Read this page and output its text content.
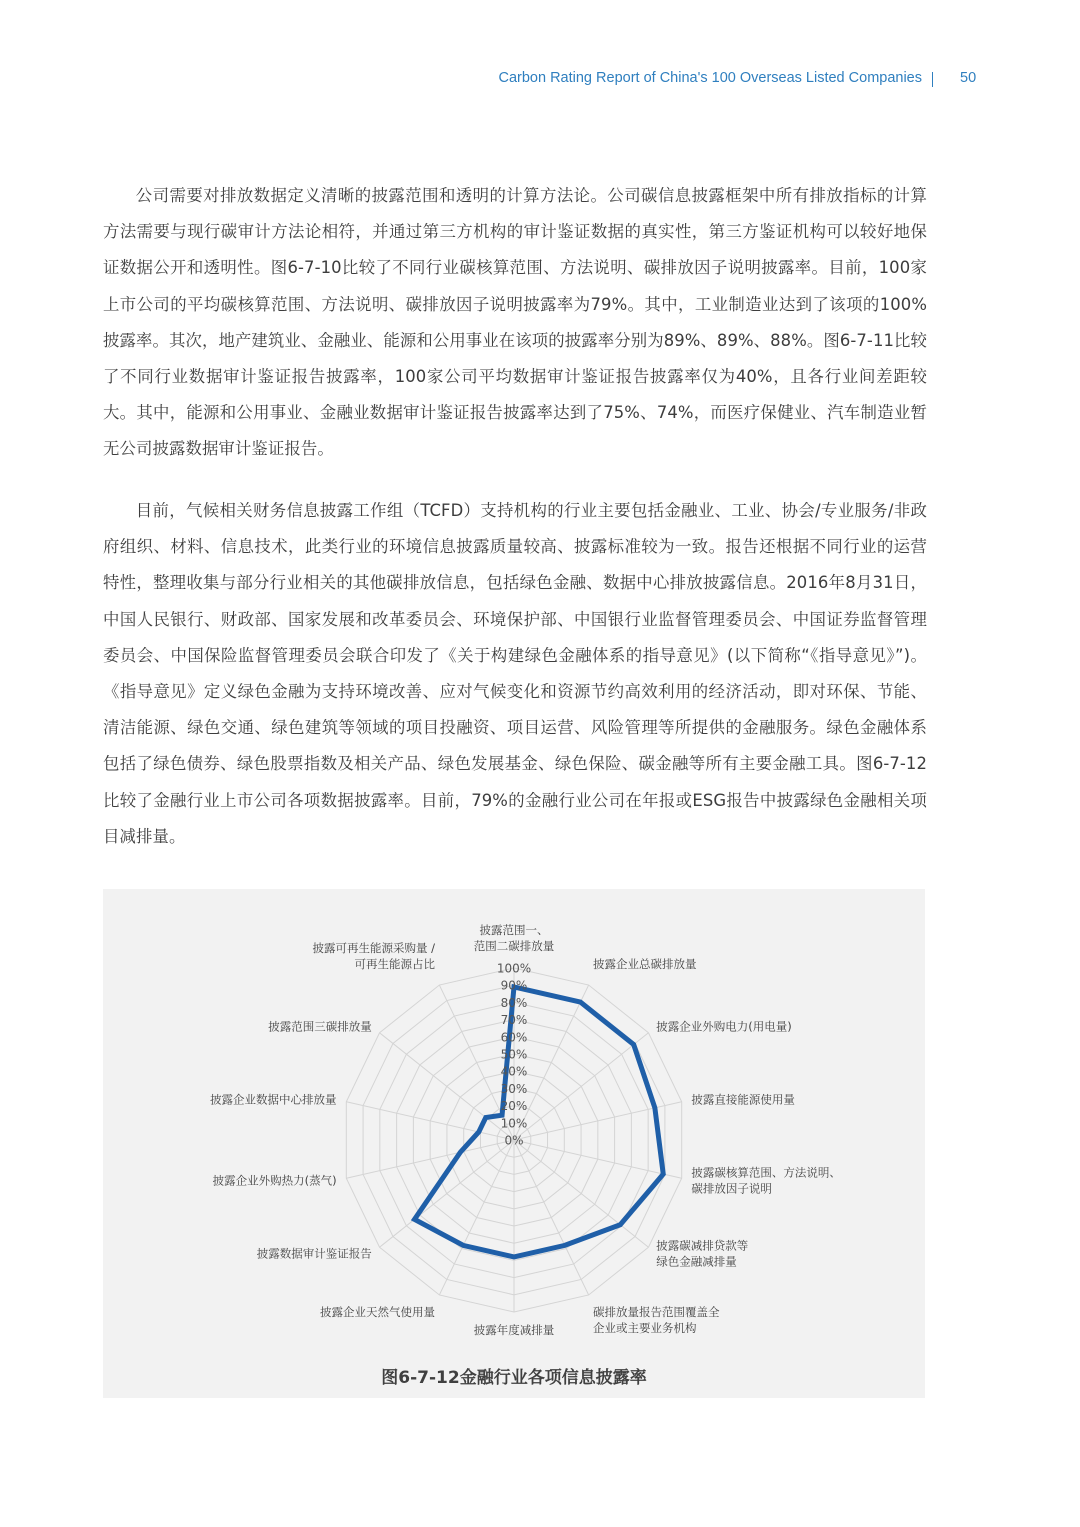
Carbon Rating Report of China's 100 Overseas Listed Companies	50

公司需要对排放数据定义清晰的披露范围和透明的计算方法论。公司碳信息披露框架中所有排放指标的计算方法需要与现行碳审计方法论相符，并通过第三方机构的审计鉴证数据的真实性，第三方鉴证机构可以较好地保证数据公开和透明性。图6-7-10比较了不同行业碳核算范围、方法说明、碳排放因子说明披露率。目前，100家上市公司的平均碳核算范围、方法说明、碳排放因子说明披露率为79%。其中，工业制造业达到了该项的100%披露率。其次，地产建筑业、金融业、能源和公用事业在该项的披露率分别为89%、89%、88%。图6-7-11比较了不同行业数据审计鉴证报告披露率，100家公司平均数据审计鉴证报告披露率仅为40%，且各行业间差距较大。其中，能源和公用事业、金融业数据审计鉴证报告披露率达到了75%、74%，而医疗保健业、汽车制造业暂无公司披露数据审计鉴证报告。

目前，气候相关财务信息披露工作组（TCFD）支持机构的行业主要包括金融业、工业、协会/专业服务/非政府组织、材料、信息技术，此类行业的环境信息披露质量较高、披露标准较为一致。报告还根据不同行业的运营特性，整理收集与部分行业相关的其他碳排放信息，包括绿色金融、数据中心排放披露信息。2016年8月31日，中国人民银行、财政部、国家发展和改革委员会、环境保护部、中国银行业监督管理委员会、中国证券监督管理委员会、中国保险监督管理委员会联合印发了《关于构建绿色金融体系的指导意见》(以下简称“《指导意见》”)。《指导意见》定义绿色金融为支持环境改善、应对气候变化和资源节约高效利用的经济活动，即对环保、节能、清洁能源、绿色交通、绿色建筑等领域的项目投融资、项目运营、风险管理等所提供的金融服务。绿色金融体系包括了绿色债券、绿色股票指数及相关产品、绿色发展基金、绿色保险、碳金融等所有主要金融工具。图6-7-12比较了金融行业上市公司各项数据披露率。目前，79%的金融行业公司在年报或ESG报告中披露绿色金融相关项目减排量。

0%
10%
20%
30%
40%
50%
60%
70%
80%
90%
100%
披露范围一、范围二碳排放量
披露企业总碳排放量
披露企业外购电力(用电量)
披露直接能源使用量
披露碳核算范围、方法说明、碳排放因子说明
披露碳减排贷款等绿色金融减排量
碳排放量报告范围覆盖全企业或主要业务机构
披露年度减排量
披露企业天然气使用量
披露数据审计鉴证报告
披露企业外购热力(蒸气)
披露企业数据中心排放量
披露范围三碳排放量
披露可再生能源采购量 /可再生能源占比
图6-7-12金融行业各项信息披露率
